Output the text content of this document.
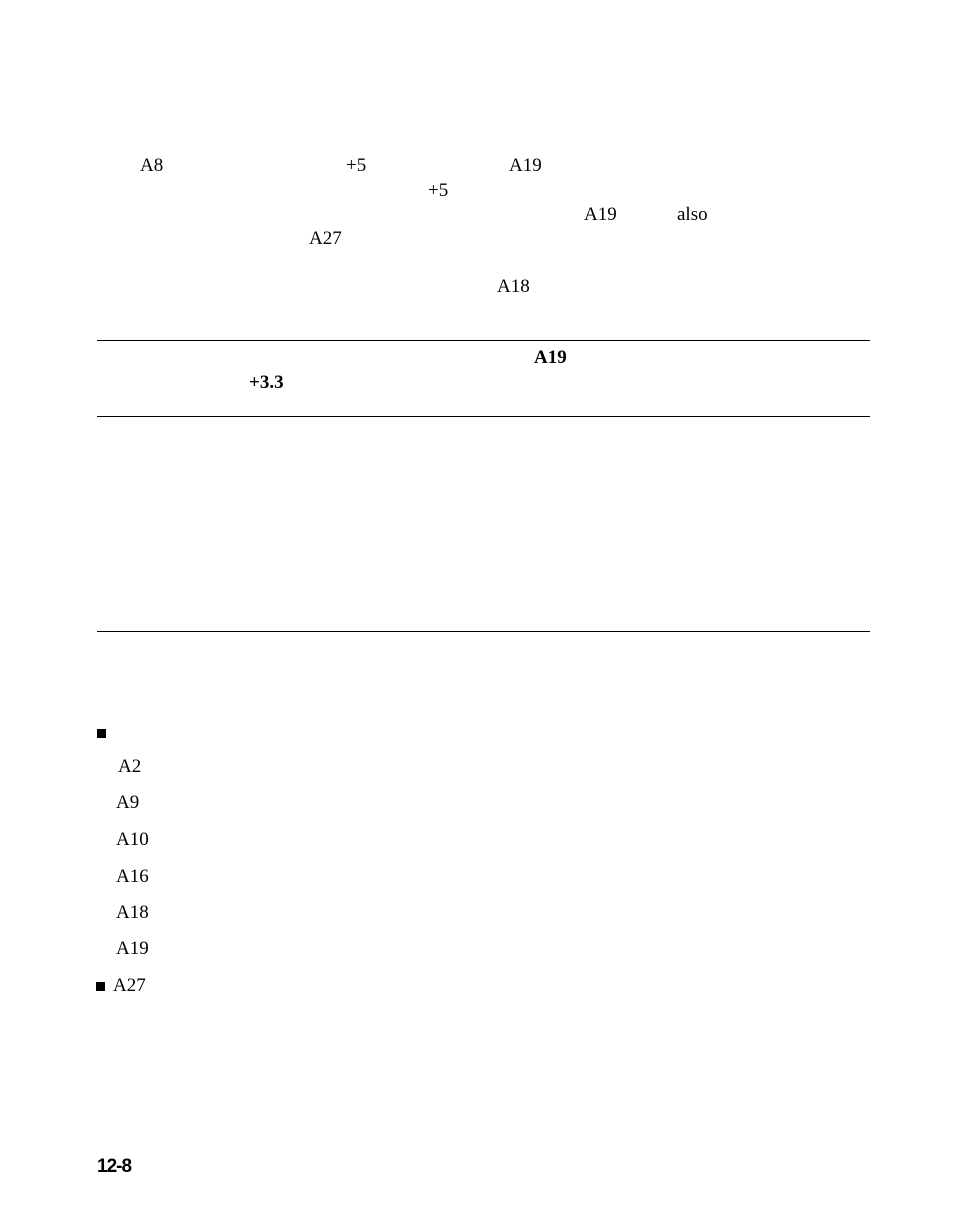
A8	+5	A19
+5
A19	also
A27
A18
A19
+3.3
A2
A9
A10
A16
A18
A19
A27
12-8
